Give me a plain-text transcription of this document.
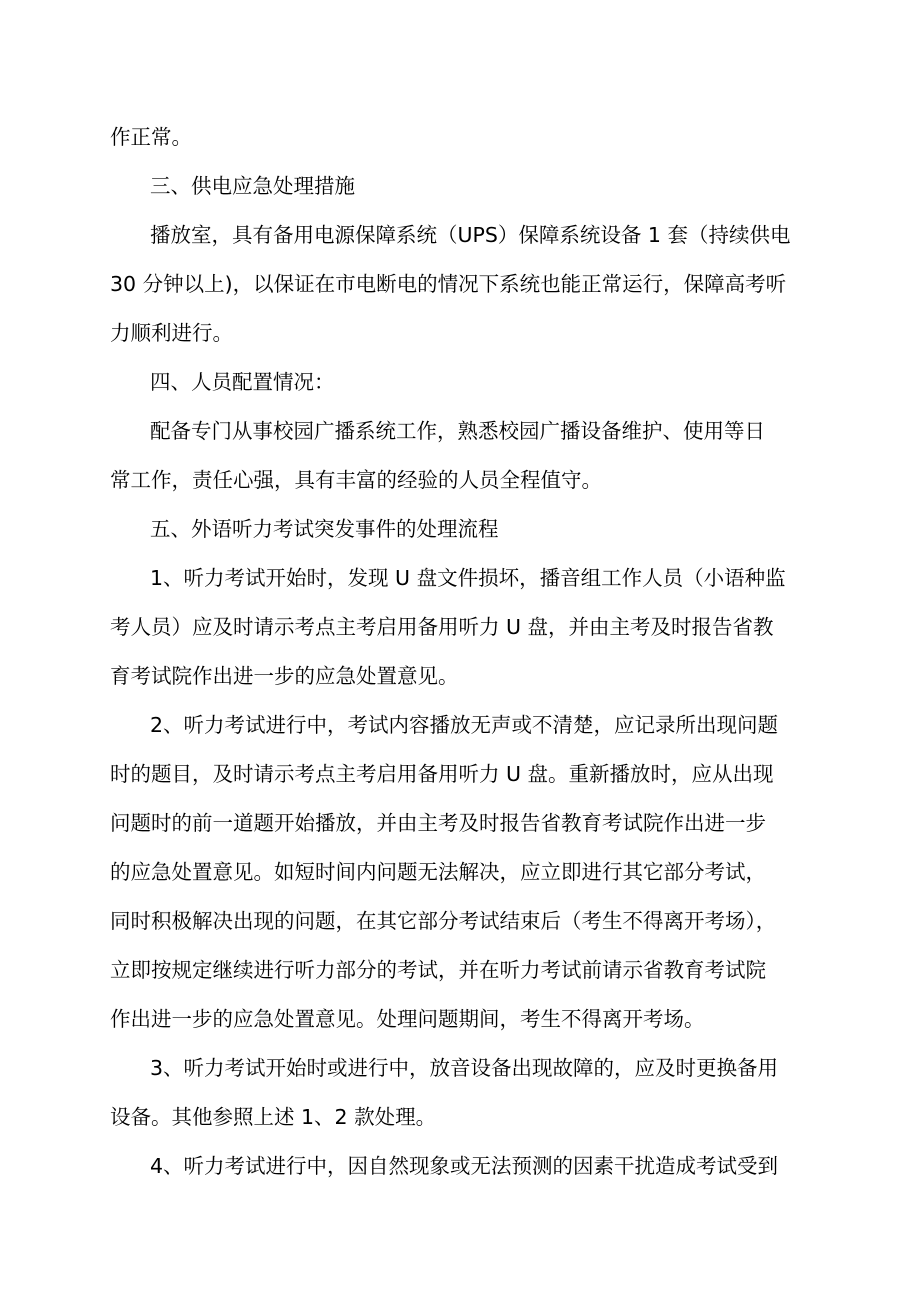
作正常。
三、供电应急处理措施
播放室，具有备用电源保障系统（UPS）保障系统设备 1 套（持续供电
30 分钟以上)，以保证在市电断电的情况下系统也能正常运行，保障高考听
力顺利进行。
四、人员配置情况：
配备专门从事校园广播系统工作，熟悉校园广播设备维护、使用等日
常工作，责任心强，具有丰富的经验的人员全程值守。
五、外语听力考试突发事件的处理流程
1、听力考试开始时，发现 U 盘文件损坏，播音组工作人员（小语种监
考人员）应及时请示考点主考启用备用听力 U 盘，并由主考及时报告省教
育考试院作出进一步的应急处置意见。
2、听力考试进行中，考试内容播放无声或不清楚，应记录所出现问题
时的题目，及时请示考点主考启用备用听力 U 盘。重新播放时，应从出现
问题时的前一道题开始播放，并由主考及时报告省教育考试院作出进一步
的应急处置意见。如短时间内问题无法解决，应立即进行其它部分考试，
同时积极解决出现的问题，在其它部分考试结束后（考生不得离开考场），
立即按规定继续进行听力部分的考试，并在听力考试前请示省教育考试院
作出进一步的应急处置意见。处理问题期间，考生不得离开考场。
3、听力考试开始时或进行中，放音设备出现故障的，应及时更换备用
设备。其他参照上述 1、2 款处理。
4、听力考试进行中，因自然现象或无法预测的因素干扰造成考试受到
